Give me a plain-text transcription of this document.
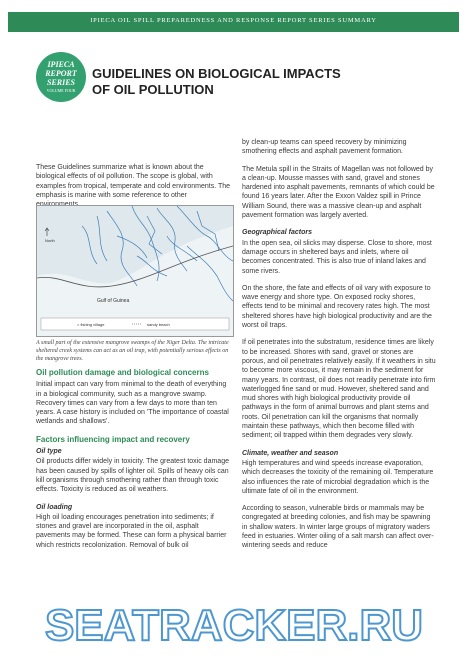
IPIECA OIL SPILL PREPAREDNESS AND RESPONSE REPORT SERIES SUMMARY
IPIECA
REPORT
SERIES
VOLUME FOUR
GUIDELINES ON BIOLOGICAL IMPACTS
OF OIL POLLUTION

These Guidelines summarize what is known about the biological effects of oil pollution. The scope is global, with examples from tropical, temperate and cold environments. The emphasis is marine with some reference to other

North
Gulf of Guinea
= fishing village	sandy beach
A small part of the extensive mangrove swamps of the Niger Delta. The intricate sheltered creek systems can act as an oil trap, with potentially serious effects on the mangrove trees.
Oil pollution damage and biological concerns

Initial impact can vary from minimal to the death of everything in a biological community, such as a mangrove swamp. Recovery times can vary from a few days to more than ten years. A case history is included on 'The importance of coastal wetlands and shallows'.

Factors influencing impact and recovery
Oil type

Oil products differ widely in toxicity. The greatest toxic damage has been caused by spills of lighter oil. Spills of heavy oils can kill organisms through smothering rather than through toxic effects. Toxicity is reduced as oil weathers.

Oil loading

High oil loading encourages penetration into sediments; if stones and gravel are incorporated in the oil, asphalt pavements may be formed. These can form a physical barrier which restricts recolonization. Removal of bulk oil

by clean-up teams can speed recovery by minimizing smothering effects and asphalt pavement formation.

The Metula spill in the Straits of Magellan was not followed by a clean-up. Mousse masses with sand, gravel and stones hardened into asphalt pavements, remnants of which could be found 16 years later. After the Exxon Valdez spill in Prince William Sound, there was a massive clean-up and asphalt pavement formation was largely averted.

Geographical factors

In the open sea, oil slicks may disperse. Close to shore, most damage occurs in sheltered bays and inlets, where oil becomes concentrated. This is also true of inland lakes and some rivers.

On the shore, the fate and effects of oil vary with exposure to wave energy and shore type. On exposed rocky shores, effects tend to be minimal and recovery rates high. The most sheltered shores have high biological productivity and are the worst oil traps.

If oil penetrates into the substratum, residence times are likely to be increased. Shores with sand, gravel or stones are porous, and oil penetrates relatively easily. If it weathers in situ to become more viscous, it may remain in the sediment for many years. In contrast, oil does not readily penetrate into firm waterlogged fine sand or mud. However, sheltered sand and mud shores with high biological productivity provide oil pathways in the form of animal burrows and plant stems and roots. Oil penetration can kill the organisms that normally maintain these pathways, which then become filled with sediment; oil trapped within them degrades very slowly.

Climate, weather and season

High temperatures and wind speeds increase evaporation, which decreases the toxicity of the remaining oil. Temperature also influences the rate of microbial degradation which is the ultimate fate of oil in the environment.

According to season, vulnerable birds or mammals may be congregated at breeding colonies, and fish may be spawning in shallow waters. In winter large groups of migratory waders feed in estuaries. Winter oiling of a salt marsh can affect over-wintering seeds and reduce

SEATRACKER.RU
